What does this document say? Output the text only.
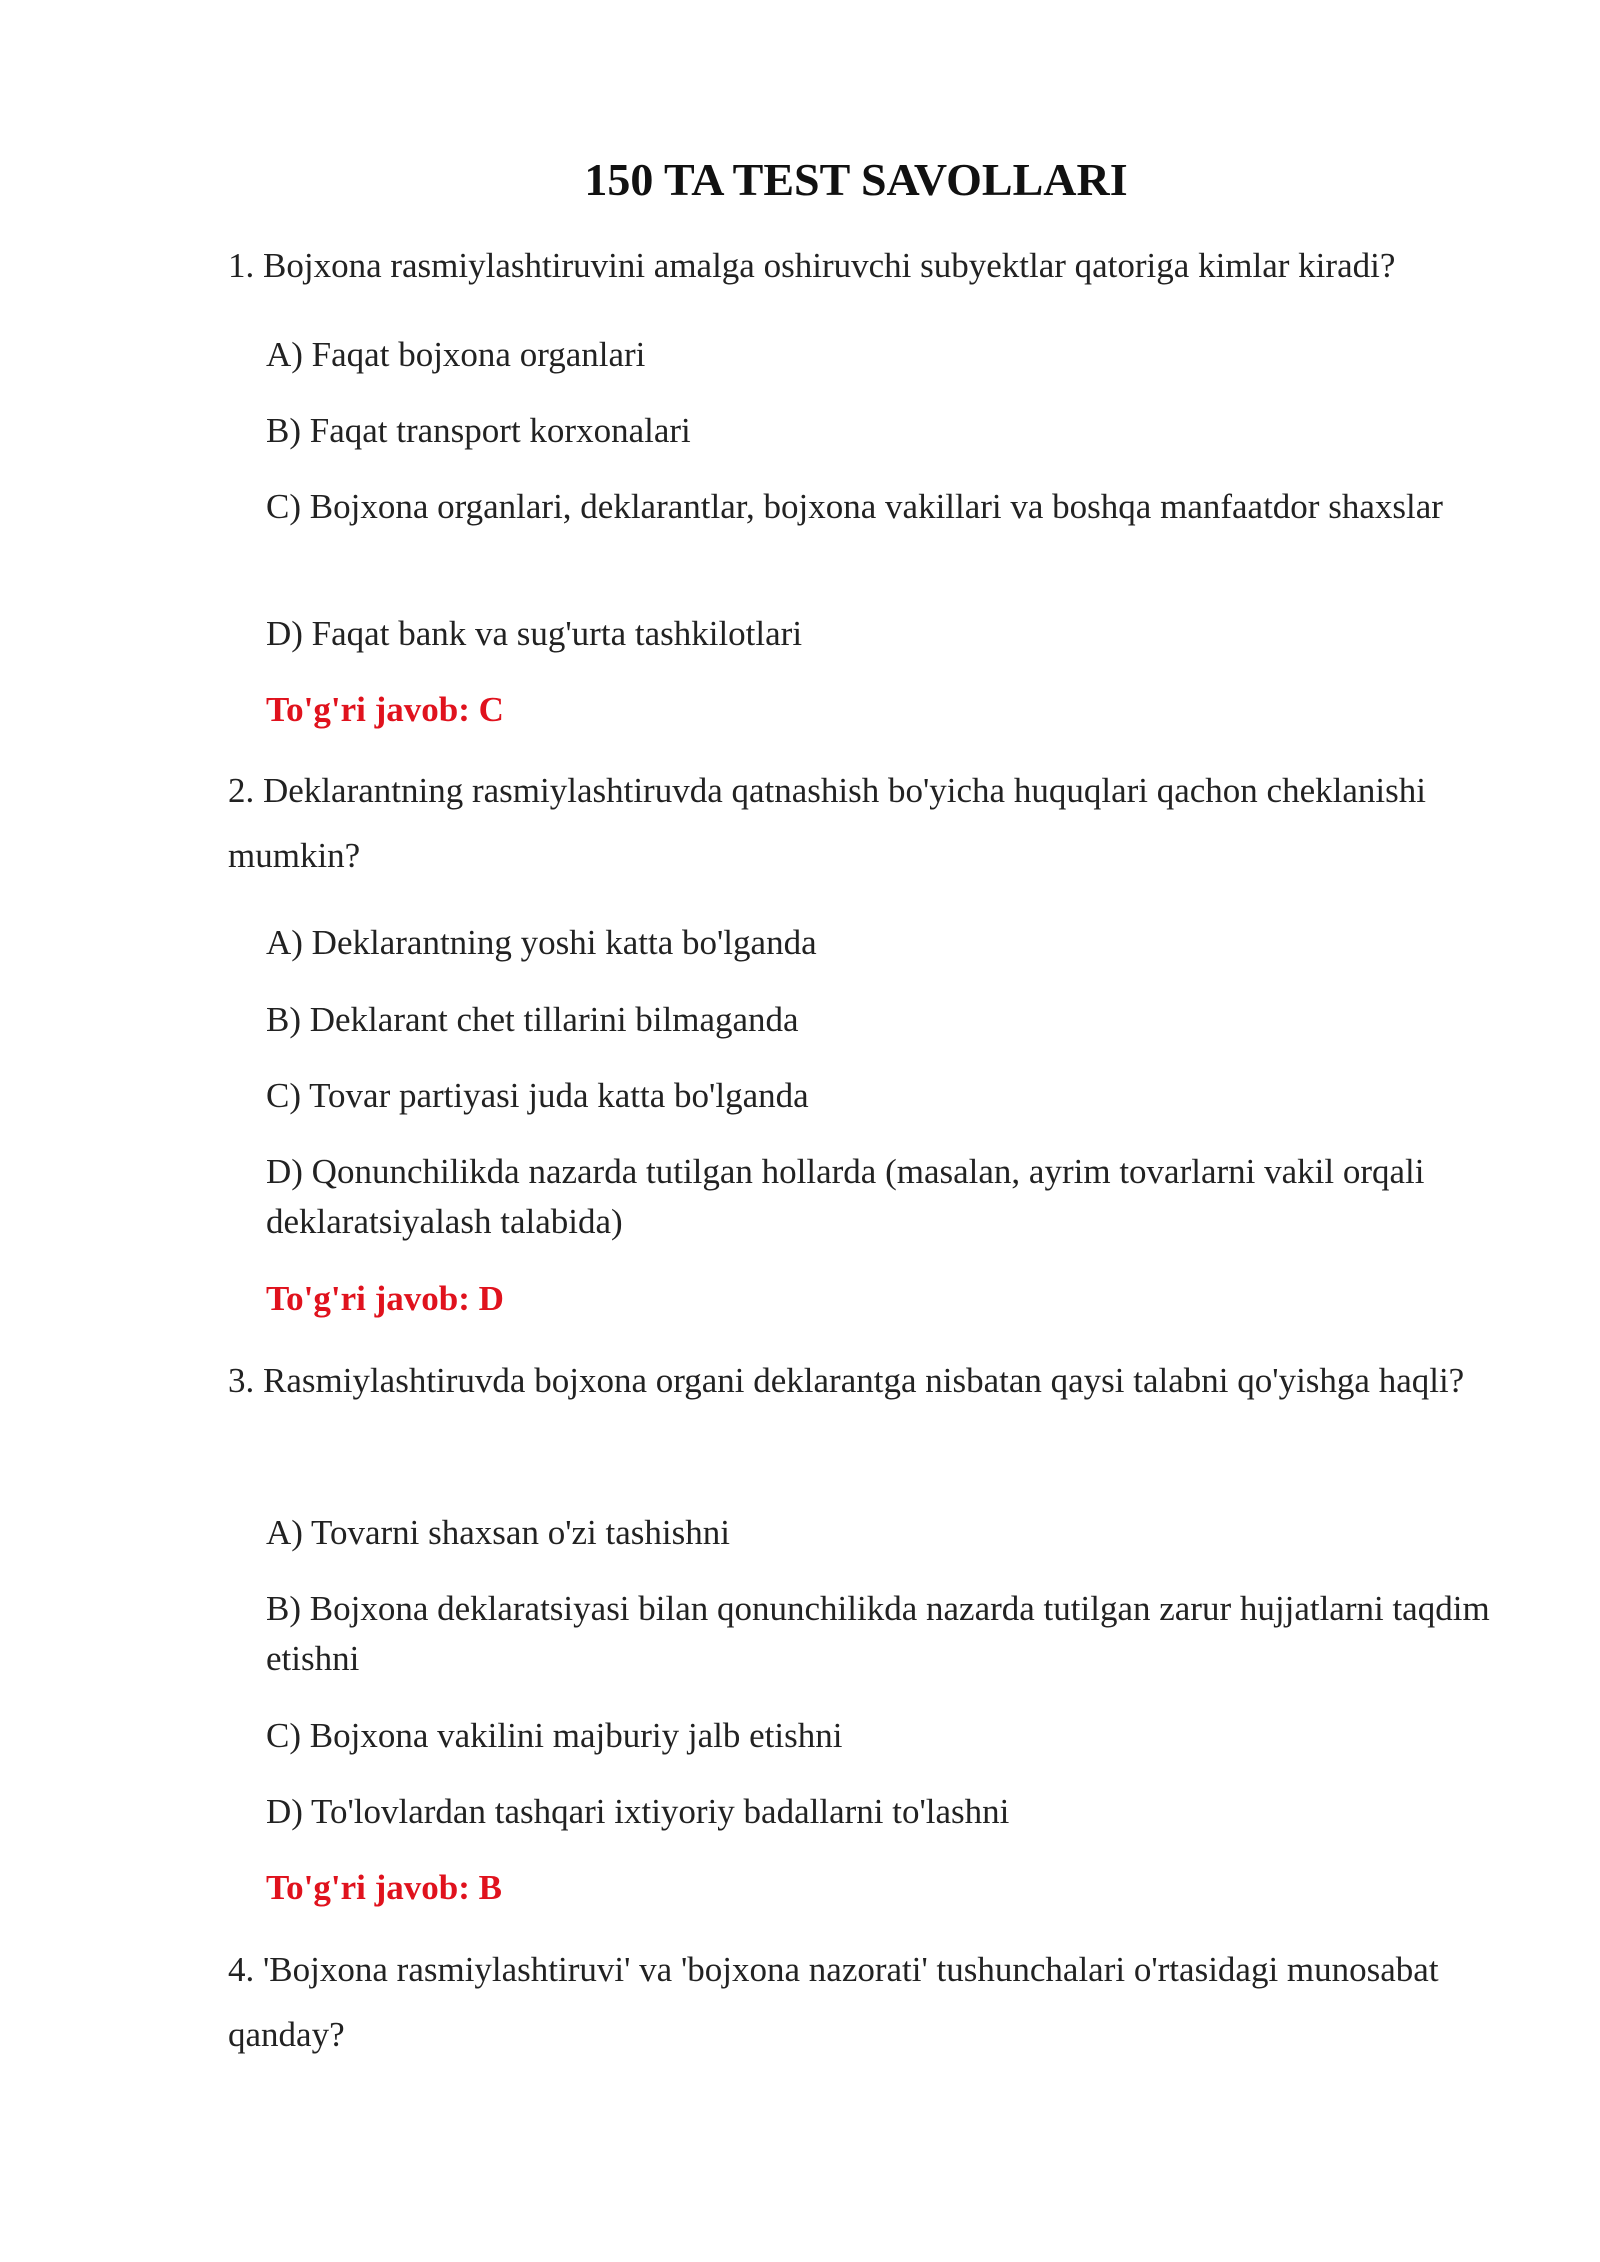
150 TA TEST SAVOLLARI
1. Bojxona rasmiylashtiruvini amalga oshiruvchi subyektlar qatoriga kimlar kiradi?
A) Faqat bojxona organlari
B) Faqat transport korxonalari
C) Bojxona organlari, deklarantlar, bojxona vakillari va boshqa manfaatdor shaxslar
D) Faqat bank va sug'urta tashkilotlari
To'g'ri javob: C
2. Deklarantning rasmiylashtiruvda qatnashish bo'yicha huquqlari qachon cheklanishi mumkin?
A) Deklarantning yoshi katta bo'lganda
B) Deklarant chet tillarini bilmaganda
C) Tovar partiyasi juda katta bo'lganda
D) Qonunchilikda nazarda tutilgan hollarda (masalan, ayrim tovarlarni vakil orqali deklaratsiyalash talabida)
To'g'ri javob: D
3. Rasmiylashtiruvda bojxona organi deklarantga nisbatan qaysi talabni qo'yishga haqli?
A) Tovarni shaxsan o'zi tashishni
B) Bojxona deklaratsiyasi bilan qonunchilikda nazarda tutilgan zarur hujjatlarni taqdim etishni
C) Bojxona vakilini majburiy jalb etishni
D) To'lovlardan tashqari ixtiyoriy badallarni to'lashni
To'g'ri javob: B
4. 'Bojxona rasmiylashtiruvi' va 'bojxona nazorati' tushunchalari o'rtasidagi munosabat qanday?
